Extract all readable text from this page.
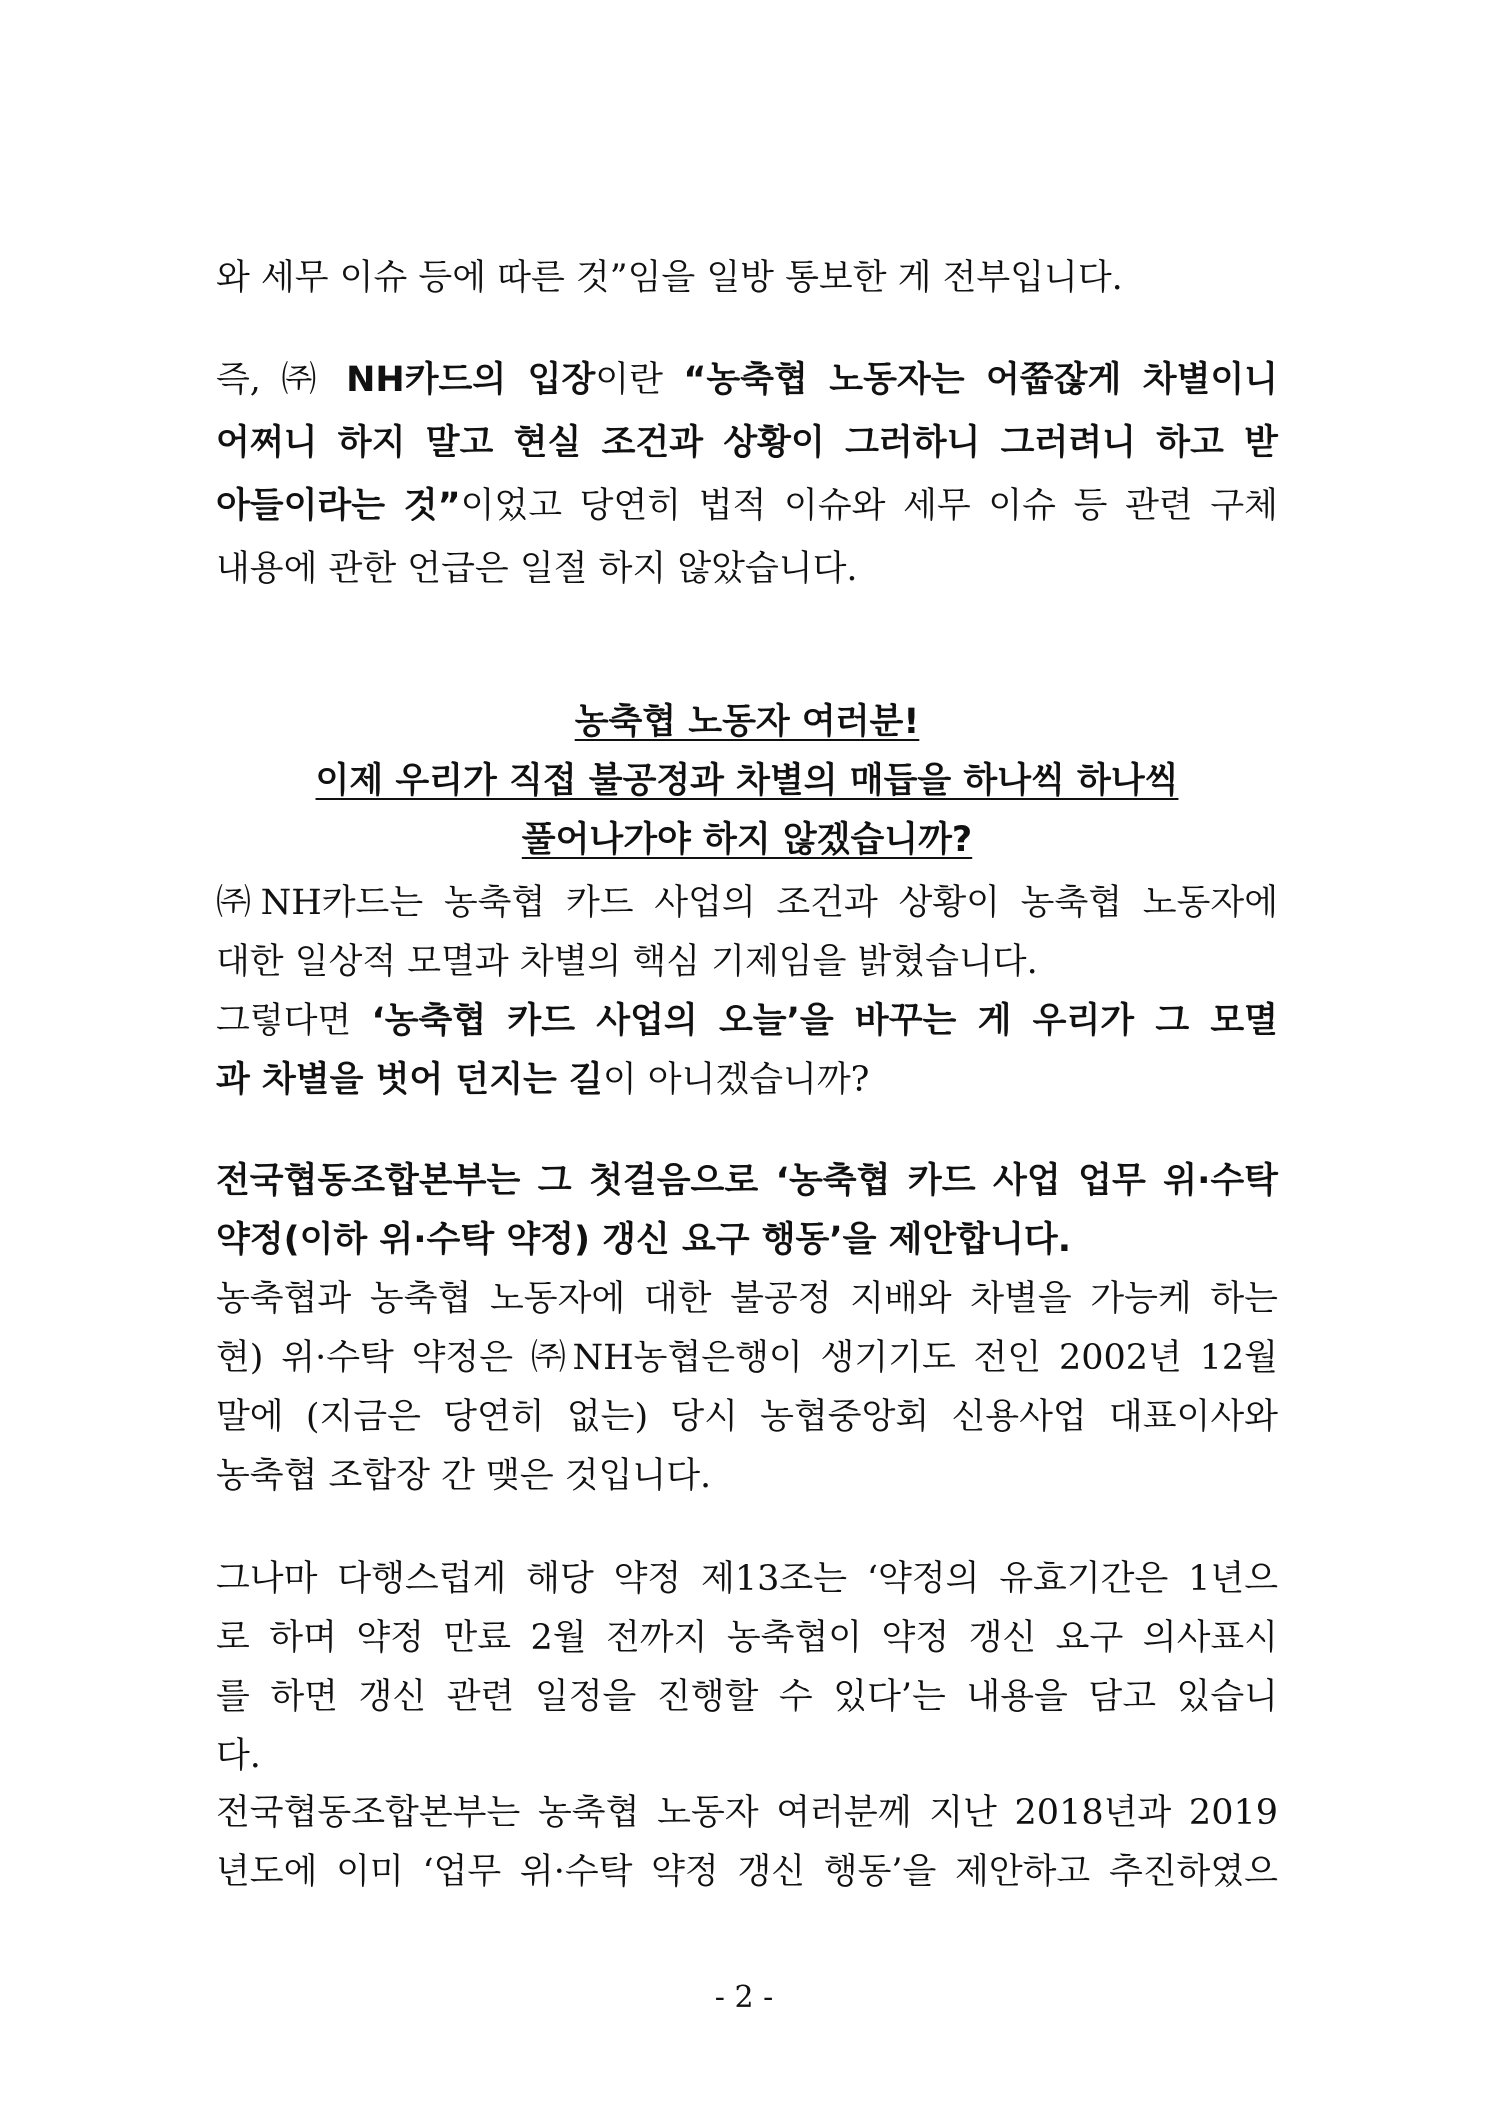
와 세무 이슈 등에 따른 것”임을 일방 통보한 게 전부입니다.
즉, ㈜ NH카드의 입장이란 “농축협 노동자는 어쭙잖게 차별이니
어쩌니 하지 말고 현실 조건과 상황이 그러하니 그러려니 하고 받
아들이라는 것”이었고 당연히 법적 이슈와 세무 이슈 등 관련 구체
내용에 관한 언급은 일절 하지 않았습니다.
농축협 노동자 여러분!
이제 우리가 직접 불공정과 차별의 매듭을 하나씩 하나씩
풀어나가야 하지 않겠습니까?
㈜NH카드는 농축협 카드 사업의 조건과 상황이 농축협 노동자에
대한 일상적 모멸과 차별의 핵심 기제임을 밝혔습니다.
그렇다면 ‘농축협 카드 사업의 오늘’을 바꾸는 게 우리가 그 모멸
과 차별을 벗어 던지는 길이 아니겠습니까?
전국협동조합본부는 그 첫걸음으로 ‘농축협 카드 사업 업무 위·수탁
약정(이하 위·수탁 약정) 갱신 요구 행동’을 제안합니다.
농축협과 농축협 노동자에 대한 불공정 지배와 차별을 가능케 하는
현) 위·수탁 약정은 ㈜NH농협은행이 생기기도 전인 2002년 12월
말에 (지금은 당연히 없는) 당시 농협중앙회 신용사업 대표이사와
농축협 조합장 간 맺은 것입니다.
그나마 다행스럽게 해당 약정 제13조는 ‘약정의 유효기간은 1년으
로 하며 약정 만료 2월 전까지 농축협이 약정 갱신 요구 의사표시
를 하면 갱신 관련 일정을 진행할 수 있다’는 내용을 담고 있습니
다.
전국협동조합본부는 농축협 노동자 여러분께 지난 2018년과 2019
년도에 이미 ‘업무 위·수탁 약정 갱신 행동’을 제안하고 추진하였으
- 2 -
